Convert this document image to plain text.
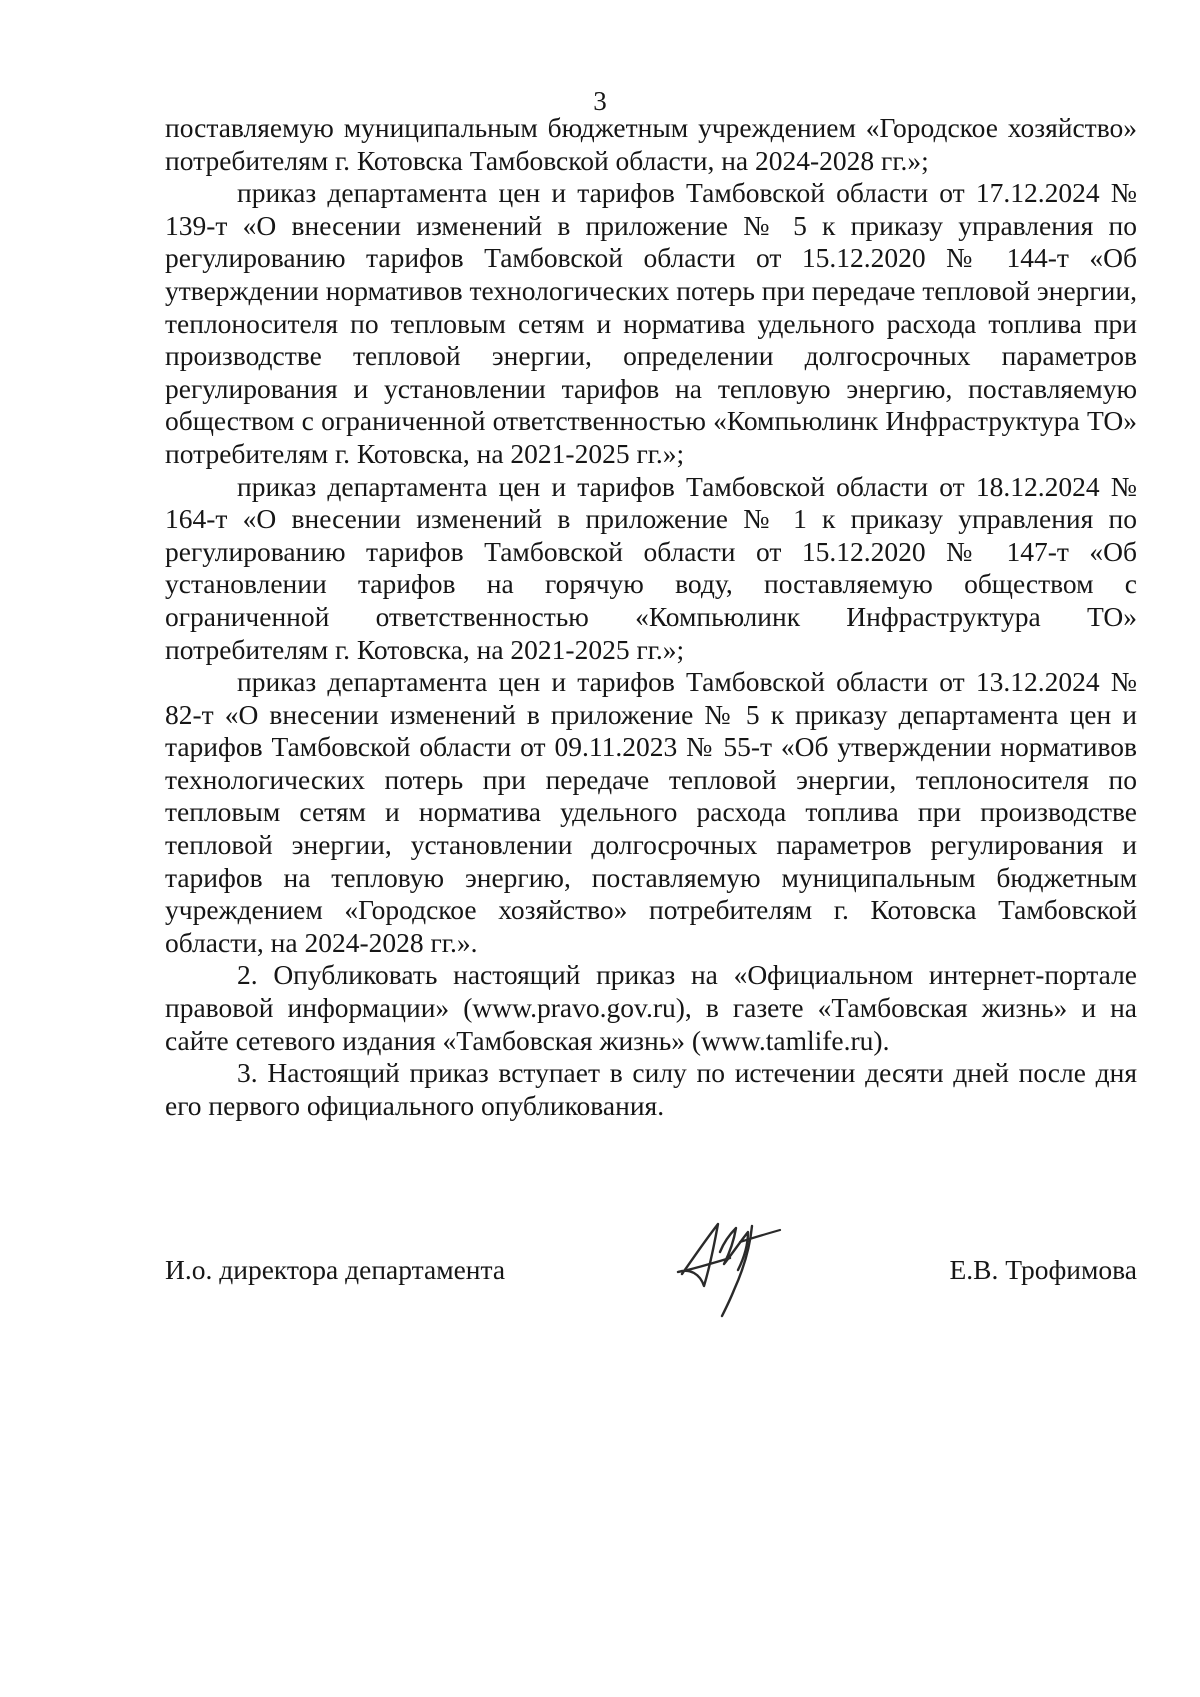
3

поставляемую муниципальным бюджетным учреждением «Городское хозяйство» потребителям г. Котовска Тамбовской области, на 2024-2028 гг.»;

приказ департамента цен и тарифов Тамбовской области от 17.12.2024 № 139-т «О внесении изменений в приложение № 5 к приказу управления по регулированию тарифов Тамбовской области от 15.12.2020 № 144-т «Об утверждении нормативов технологических потерь при передаче тепловой энергии, теплоносителя по тепловым сетям и норматива удельного расхода топлива при производстве тепловой энергии, определении долгосрочных параметров регулирования и установлении тарифов на тепловую энергию, поставляемую обществом с ограниченной ответственностью «Компьюлинк Инфраструктура ТО» потребителям г. Котовска, на 2021-2025 гг.»;

приказ департамента цен и тарифов Тамбовской области от 18.12.2024 № 164-т «О внесении изменений в приложение № 1 к приказу управления по регулированию тарифов Тамбовской области от 15.12.2020 № 147-т «Об установлении тарифов на горячую воду, поставляемую обществом с ограниченной ответственностью «Компьюлинк Инфраструктура ТО» потребителям г. Котовска, на 2021-2025 гг.»;

приказ департамента цен и тарифов Тамбовской области от 13.12.2024 № 82-т «О внесении изменений в приложение № 5 к приказу департамента цен и тарифов Тамбовской области от 09.11.2023 № 55-т «Об утверждении нормативов технологических потерь при передаче тепловой энергии, теплоносителя по тепловым сетям и норматива удельного расхода топлива при производстве тепловой энергии, установлении долгосрочных параметров регулирования и тарифов на тепловую энергию, поставляемую муниципальным бюджетным учреждением «Городское хозяйство» потребителям г. Котовска Тамбовской области, на 2024-2028 гг.».

2. Опубликовать настоящий приказ на «Официальном интернет-портале правовой информации» (www.pravo.gov.ru), в газете «Тамбовская жизнь» и на сайте сетевого издания «Тамбовская жизнь» (www.tamlife.ru).

3. Настоящий приказ вступает в силу по истечении десяти дней после дня его первого официального опубликования.

И.о. директора департамента	Е.В. Трофимова
